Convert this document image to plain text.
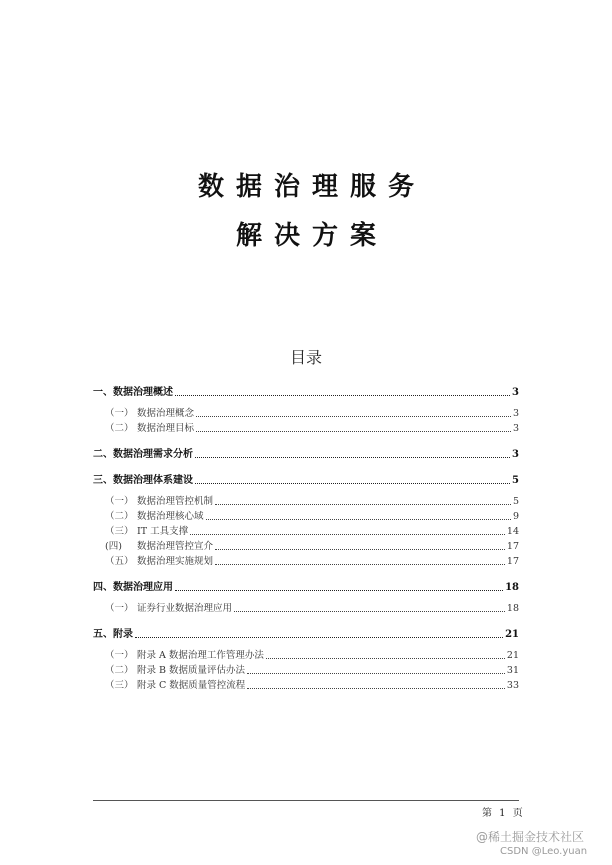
数据治理服务
解决方案
目录
一、 数据治理概述	3
（一） 数据治理概念	3
（二） 数据治理目标	3
二、 数据治理需求分析	3
三、 数据治理体系建设	5
（一） 数据治理管控机制	5
（二） 数据治理核心域	9
（三） IT 工具支撑	14
(四)	数据治理管控宣介	17
（五） 数据治理实施规划	17
四、 数据治理应用	18
（一） 证券行业数据治理应用	18
五、 附录	21
（一） 附录 A 数据治理工作管理办法	21
（二） 附录 B 数据质量评估办法	31
（三） 附录 C 数据质量管控流程	33
第 1 页
@稀土掘金技术社区
CSDN @Leo.yuan
